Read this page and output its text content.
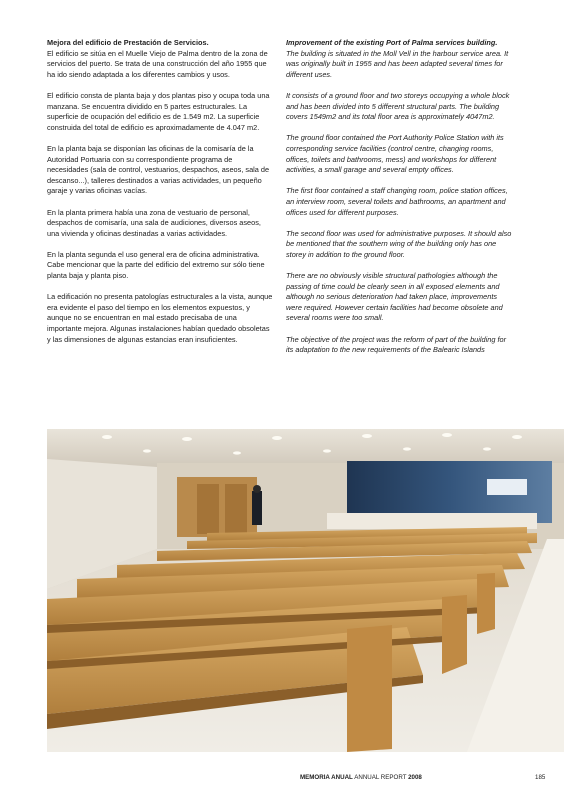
Mejora del edificio de Prestación de Servicios.

El edificio se sitúa en el Muelle Viejo de Palma dentro de la zona de servicios del puerto. Se trata de una construcción del año 1955 que ha ido siendo adaptada a los diferentes cambios y usos.

El edificio consta de planta baja y dos plantas piso y ocupa toda una manzana. Se encuentra dividido en 5 partes estructurales. La superficie de ocupación del edificio es de 1.549 m2. La superficie construida del total de edificio es aproximadamente de 4.047 m2.

En la planta baja se disponían las oficinas de la comisaría de la Autoridad Portuaria con su correspondiente programa de necesidades (sala de control, vestuarios, despachos, aseos, sala de descanso...), talleres destinados a varias actividades, un pequeño garaje y varias oficinas vacías.

En la planta primera había una zona de vestuario de personal, despachos de comisaría, una sala de audiciones, diversos aseos, una vivienda y oficinas destinadas a varias actividades.

En la planta segunda el uso general era de oficina administrativa. Cabe mencionar que la parte del edificio del extremo sur sólo tiene planta baja y planta piso.

La edificación no presenta patologías estructurales a la vista, aunque era evidente el paso del tiempo en los elementos expuestos, y aunque no se encuentran en mal estado precisaba de una importante mejora. Algunas instalaciones habían quedado obsoletas y las dimensiones de algunas estancias eran insuficientes.

Improvement of the existing Port of Palma services building.

The building is situated in the Moll Vell in the harbour service area. It was originally built in 1955 and has been adapted several times for different uses.

It consists of a ground floor and two storeys occupying a whole block and has been divided into 5 different structural parts. The building covers 1549m2 and its total floor area is approximately 4047m2.

The ground floor contained the Port Authority Police Station with its corresponding service facilities (control centre, changing rooms, offices, toilets and bathrooms, mess) and workshops for different activities, a small garage and several empty offices.

The first floor contained a staff changing room, police station offices, an interview room, several toilets and bathrooms, an apartment and offices used for different purposes.

The second floor was used for administrative purposes. It should also be mentioned that the southern wing of the building only has one storey in addition to the ground floor.

There are no obviously visible structural pathologies although the passing of time could be clearly seen in all exposed elements and although no serious deterioration had taken place, improvements were required. However certain facilities had become obsolete and several rooms were too small.

The objective of the project was the reform of part of the building for its adaptation to the new requirements of the Balearic Islands

MEMORIA ANUAL ANNUAL REPORT 2008	185
